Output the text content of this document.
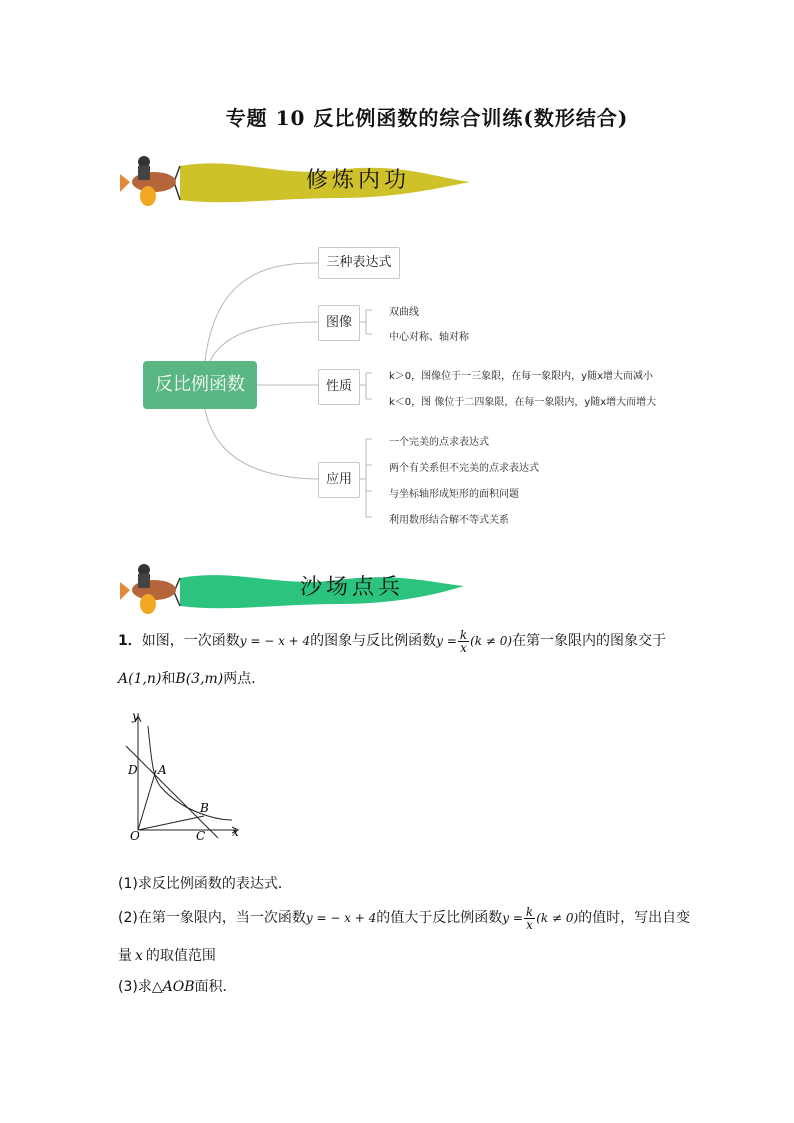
专题 10 反比例函数的综合训练(数形结合)
修炼内功
反比例函数
三种表达式
图像
性质
应用
双曲线
中心对称、轴对称
k＞0，图像位于一三象限，在每一象限内，y随x增大而减小
k＜0，图 像位于二四象限，在每一象限内，y随x增大而增大
一个完美的点求表达式
两个有关系但不完美的点求表达式
与坐标轴形成矩形的面积问题
利用数形结合解不等式关系
沙场点兵
1．如图，一次函数y = − x + 4的图象与反比例函数$y = \frac{k}{x} (k \ne 0)$在第一象限内的图象交于
A(1,n)和B(3,m)两点．
y
x
D A
B
O	C
(1)求反比例函数的表达式．
(2)在第一象限内，当一次函数y = − x + 4的值大于反比例函数$y = \frac{k}{x} (k \ne 0)$的值时，写出自变
量 x 的取值范围
(3)求△AOB面积．
